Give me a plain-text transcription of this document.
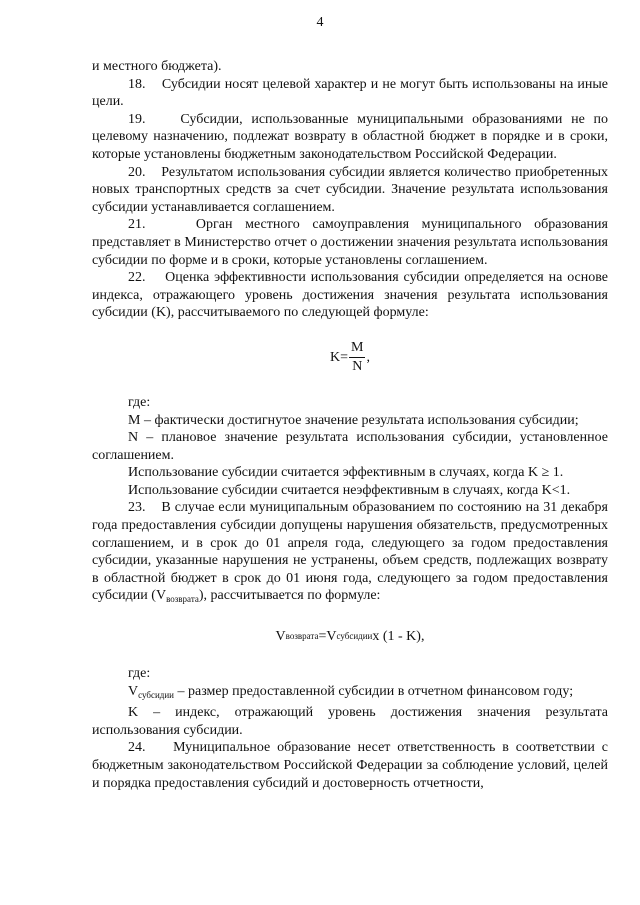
4

и местного бюджета).

18.    Субсидии носят целевой характер и не могут быть использованы на иные цели.

19.    Субсидии, использованные муниципальными образованиями не по целевому назначению, подлежат возврату в областной бюджет в порядке и в сроки, которые установлены бюджетным законодательством Российской Федерации.

20.    Результатом использования субсидии является количество приобретенных новых транспортных средств за счет субсидии. Значение результата использования субсидии устанавливается соглашением.

21.    Орган местного самоуправления муниципального образования представляет в Министерство отчет о достижении значения результата использования субсидии по форме и в сроки, которые установлены соглашением.

22.    Оценка эффективности использования субсидии определяется на основе индекса, отражающего уровень достижения значения результата использования субсидии (K), рассчитываемого по следующей формуле:

$K= \frac{M}{N}$ ,

где:

M – фактически достигнутое значение результата использования субсидии;

N – плановое значение результата использования субсидии, установленное соглашением.

Использование субсидии считается эффективным в случаях, когда K ≥ 1.

Использование субсидии считается неэффективным в случаях, когда K<1.

23.    В случае если муниципальным образованием по состоянию на 31 декабря года предоставления субсидии допущены нарушения обязательств, предусмотренных соглашением, и в срок до 01 апреля года, следующего за годом предоставления субсидии, указанные нарушения не устранены, объем средств, подлежащих возврату в областной бюджет в срок до 01 июня года, следующего за годом предоставления субсидии $(V_{возврата})$, рассчитывается по формуле:

V возврата = V субсидии x (1 - K),

где:

$V_{субсидии}$ – размер предоставленной субсидии в отчетном финансовом году;

K – индекс, отражающий уровень достижения значения результата использования субсидии.

24.    Муниципальное образование несет ответственность в соответствии с бюджетным законодательством Российской Федерации за соблюдение условий, целей и порядка предоставления субсидий и достоверность отчетности,
